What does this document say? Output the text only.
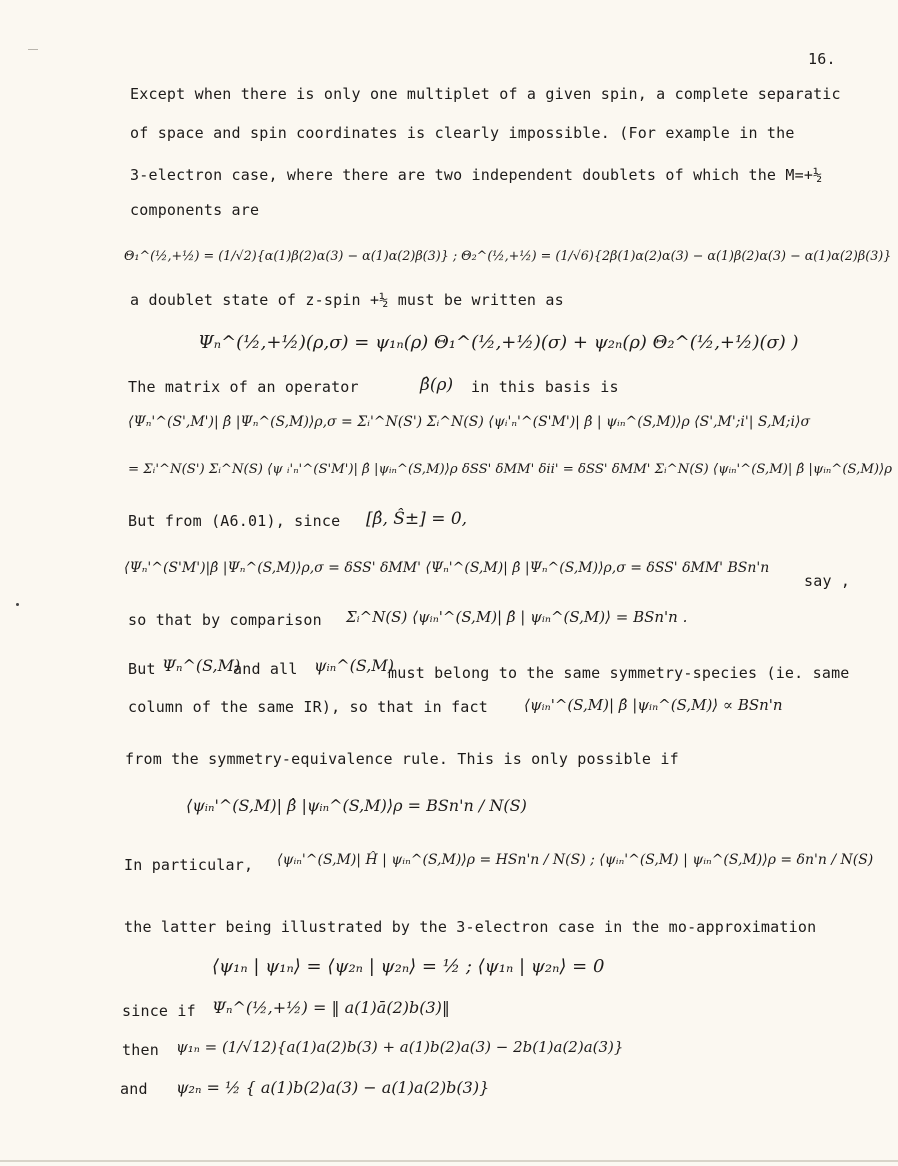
16.
Except when there is only one multiplet of a given spin, a complete separatic
of space and spin coordinates is clearly impossible. (For example in the
3-electron case, where there are two independent doublets of which the M=+½
components are
Θ₁^(½,+½) = (1/√2){α(1)β(2)α(3) − α(1)α(2)β(3)} ; Θ₂^(½,+½) = (1/√6){2β(1)α(2)α(3) − α(1)β(2)α(3) − α(1)α(2)β(3)}
a doublet state of z-spin +½ must be written as
Ψₙ^(½,+½)(ρ,σ) = ψ₁ₙ(ρ) Θ₁^(½,+½)(σ) + ψ₂ₙ(ρ) Θ₂^(½,+½)(σ) )
The matrix of an operator	β̂(ρ) in this basis is
⟨Ψₙ'^(S',M')| β̂ |Ψₙ^(S,M)⟩ρ,σ = Σᵢ'^N(S') Σᵢ^N(S) ⟨ψᵢ'ₙ'^(S'M')| β̂ | ψᵢₙ^(S,M)⟩ρ ⟨S',M';i'| S,M;i⟩σ
= Σᵢ'^N(S') Σᵢ^N(S) ⟨ψ ᵢ'ₙ'^(S'M')| β̂ |ψᵢₙ^(S,M)⟩ρ δSS' δMM' δii' = δSS' δMM' Σᵢ^N(S) ⟨ψᵢₙ'^(S,M)| β̂ |ψᵢₙ^(S,M)⟩ρ
But from (A6.01), since [β̂, Ŝ±] = 0,
⟨Ψₙ'^(S'M')|β̂ |Ψₙ^(S,M)⟩ρ,σ = δSS' δMM' ⟨Ψₙ'^(S,M)| β̂ |Ψₙ^(S,M)⟩ρ,σ = δSS' δMM' BSn'n
say ,
so that by comparison Σᵢ^N(S) ⟨ψᵢₙ'^(S,M)| β̂ | ψᵢₙ^(S,M)⟩ = BSn'n .
But Ψₙ^(S,M)
and all ψᵢₙ^(S,M)
must belong to the same symmetry-species (ie. same
column of the same IR), so that in fact ⟨ψᵢₙ'^(S,M)| β̂ |ψᵢₙ^(S,M)⟩ ∝ BSn'n
from the symmetry-equivalence rule. This is only possible if
⟨ψᵢₙ'^(S,M)| β̂ |ψᵢₙ^(S,M)⟩ρ = BSn'n / N(S)
In particular, ⟨ψᵢₙ'^(S,M)| Ĥ | ψᵢₙ^(S,M)⟩ρ = HSn'n / N(S) ; ⟨ψᵢₙ'^(S,M) | ψᵢₙ^(S,M)⟩ρ = δn'n / N(S)
the latter being illustrated by the 3-electron case in the mo-approximation
⟨ψ₁ₙ | ψ₁ₙ⟩ = ⟨ψ₂ₙ | ψ₂ₙ⟩ = ½ ; ⟨ψ₁ₙ | ψ₂ₙ⟩ = 0
since if Ψₙ^(½,+½) = ‖ a(1)ā(2)b(3)‖
then ψ₁ₙ = (1/√12){a(1)a(2)b(3) + a(1)b(2)a(3) − 2b(1)a(2)a(3)}
and ψ₂ₙ = ½ { a(1)b(2)a(3) − a(1)a(2)b(3)}
